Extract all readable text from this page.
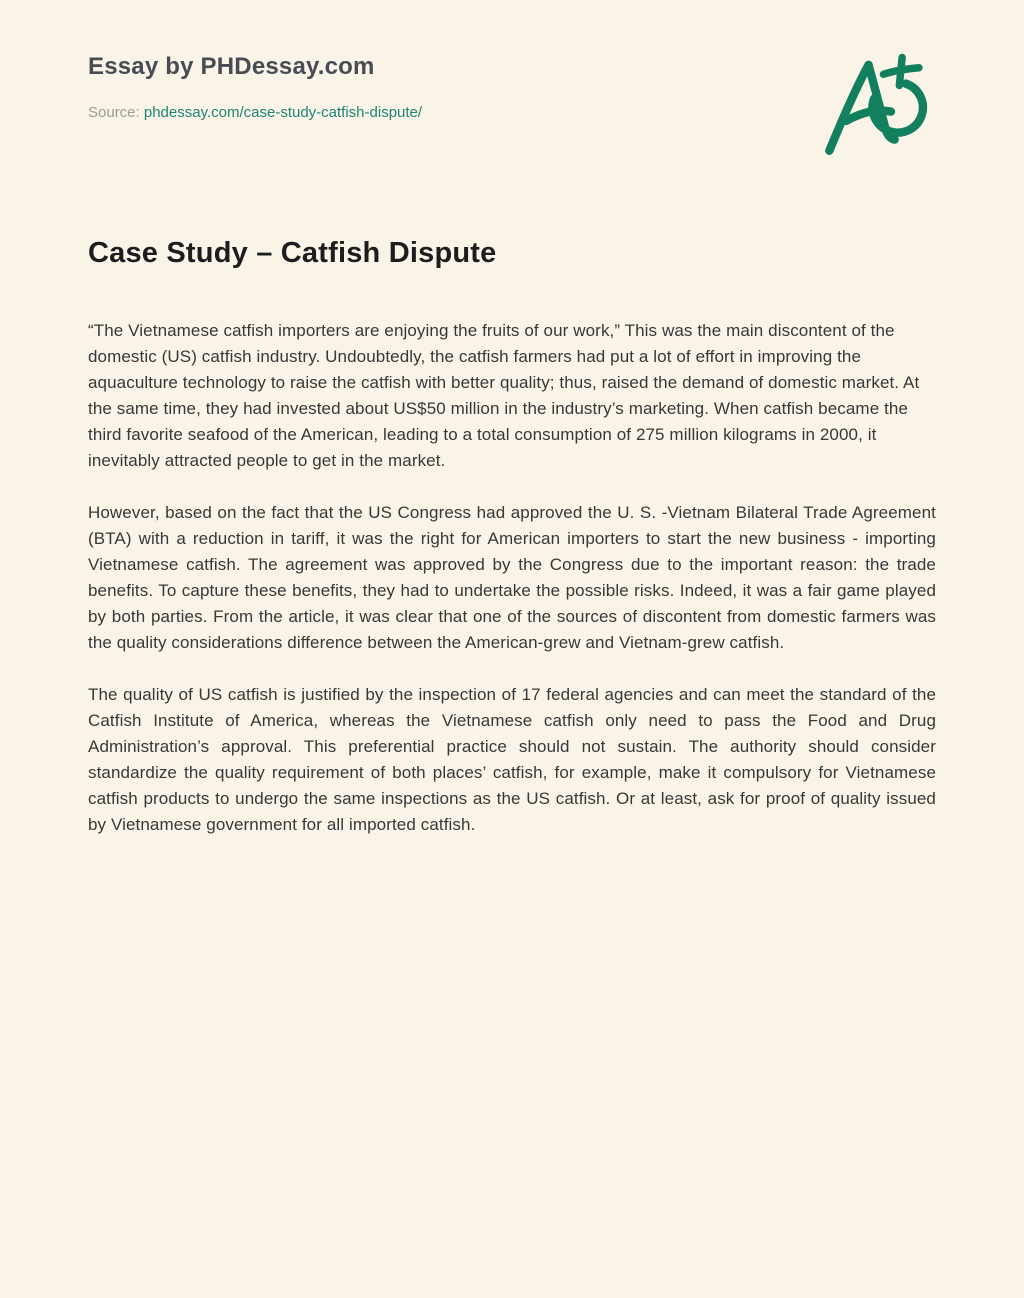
Essay by PHDessay.com
Source: phdessay.com/case-study-catfish-dispute/
Case Study – Catfish Dispute

“The Vietnamese catfish importers are enjoying the fruits of our work,” This was the main discontent of the domestic (US) catfish industry. Undoubtedly, the catfish farmers had put a lot of effort in improving the aquaculture technology to raise the catfish with better quality; thus, raised the demand of domestic market. At the same time, they had invested about US$50 million in the industry’s marketing. When catfish became the third favorite seafood of the American, leading to a total consumption of 275 million kilograms in 2000, it inevitably attracted people to get in the market.

However, based on the fact that the US Congress had approved the U. S. -Vietnam Bilateral Trade Agreement (BTA) with a reduction in tariff, it was the right for American importers to start the new business - importing Vietnamese catfish. The agreement was approved by the Congress due to the important reason: the trade benefits. To capture these benefits, they had to undertake the possible risks. Indeed, it was a fair game played by both parties. From the article, it was clear that one of the sources of discontent from domestic farmers was the quality considerations difference between the American-grew and Vietnam-grew catfish.

The quality of US catfish is justified by the inspection of 17 federal agencies and can meet the standard of the Catfish Institute of America, whereas the Vietnamese catfish only need to pass the Food and Drug Administration’s approval. This preferential practice should not sustain. The authority should consider standardize the quality requirement of both places’ catfish, for example, make it compulsory for Vietnamese catfish products to undergo the same inspections as the US catfish. Or at least, ask for proof of quality issued by Vietnamese government for all imported catfish.
